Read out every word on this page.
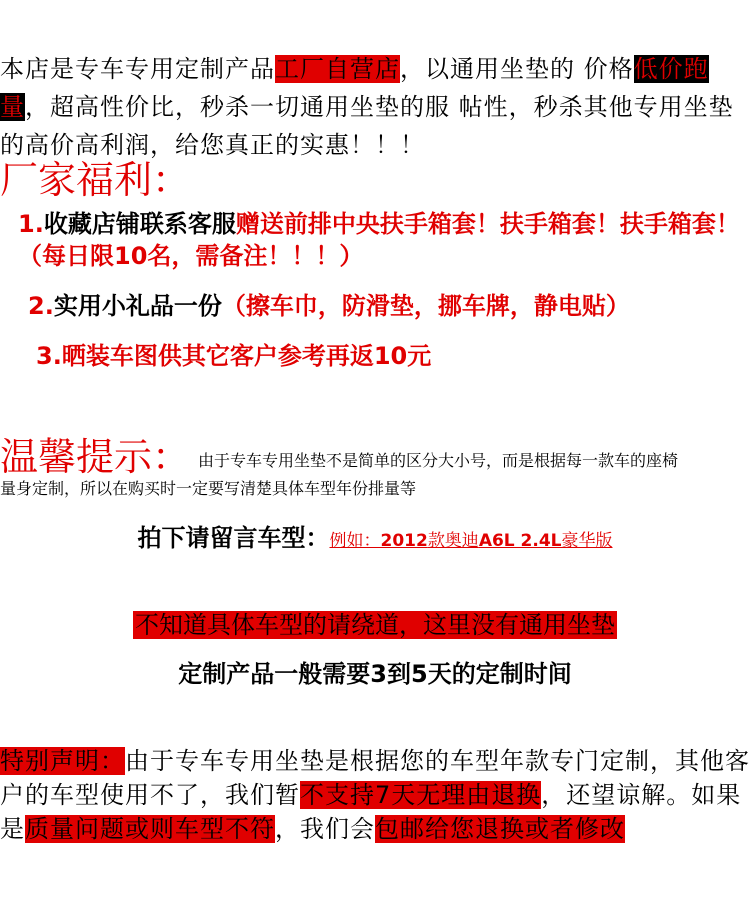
本店是专车专用定制产品工厂自营店，以通用坐垫的 价格低价跑量，超高性价比，秒杀一切通用坐垫的服 帖性，秒杀其他专用坐垫的高价高利润，给您真正的实惠！！！
厂家福利：
1.收藏店铺联系客服赠送前排中央扶手箱套！扶手箱套！扶手箱套！（每日限10名，需备注！！！）
2.实用小礼品一份（擦车巾，防滑垫，挪车牌，静电贴）
3.晒装车图供其它客户参考再返10元
温馨提示： 由于专车专用坐垫不是简单的区分大小号，而是根据每一款车的座椅
量身定制，所以在购买时一定要写清楚具体车型年份排量等
拍下请留言车型：例如：2012款奥迪A6L 2.4L豪华版
不知道具体车型的请绕道，这里没有通用坐垫
定制产品一般需要3到5天的定制时间
特别声明：由于专车专用坐垫是根据您的车型年款专门定制，其他客户的车型使用不了，我们暂不支持7天无理由退换，还望谅解。如果是质量问题或则车型不符，我们会包邮给您退换或者修改
